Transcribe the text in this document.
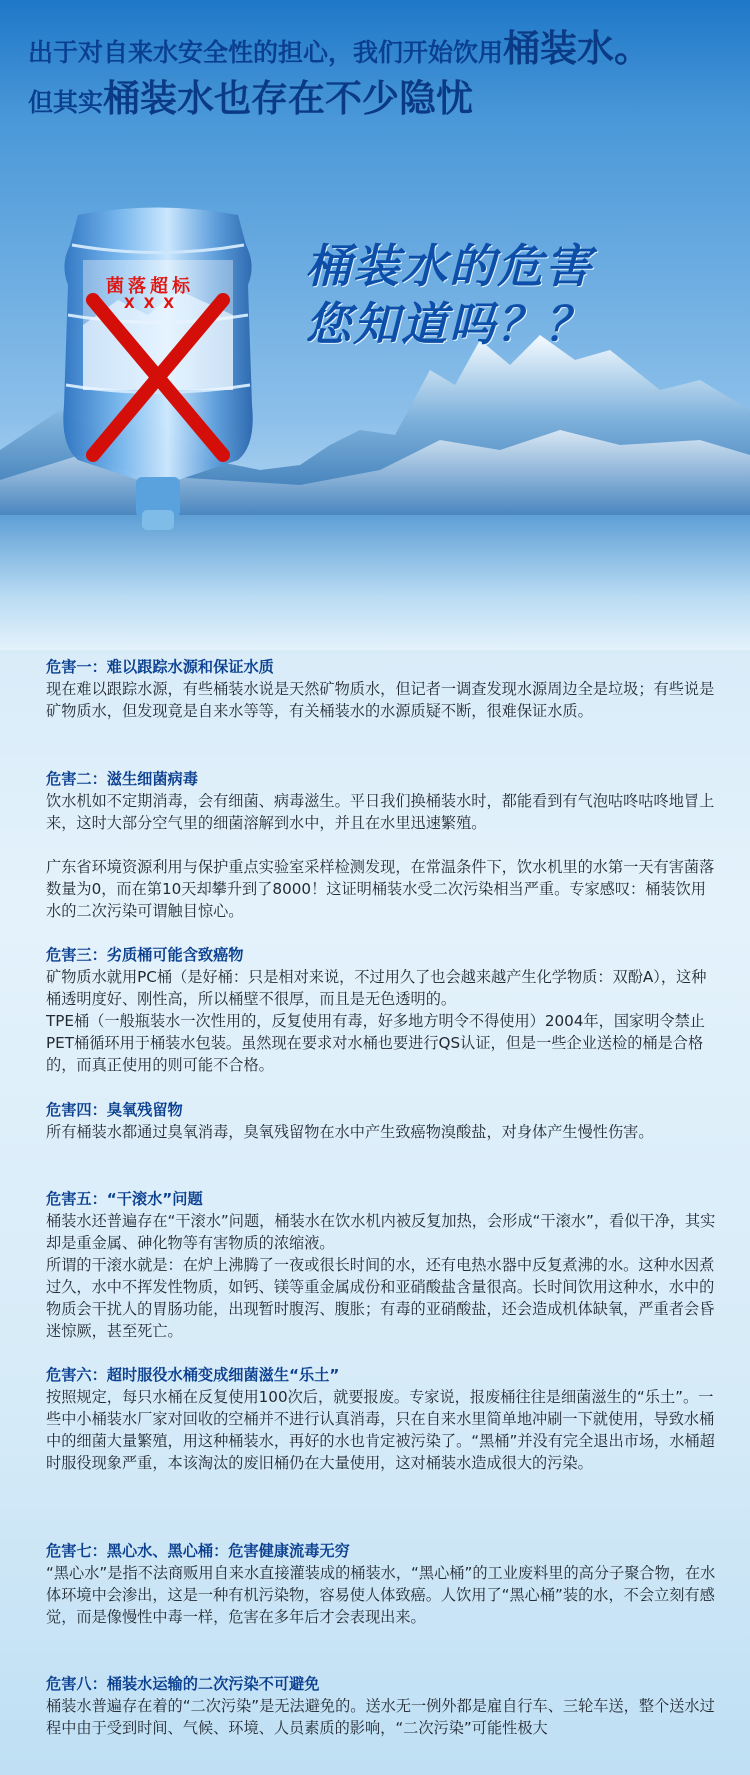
出于对自来水安全性的担心，我们开始饮用桶装水。
但其实桶装水也存在不少隐忧
菌落超标
X X X
桶装水的危害
您知道吗？？

危害一：难以跟踪水源和保证水质

现在难以跟踪水源，有些桶装水说是天然矿物质水，但记者一调查发现水源周边全是垃圾；有些说是矿物质水，但发现竟是自来水等等，有关桶装水的水源质疑不断，很难保证水质。

危害二：滋生细菌病毒

饮水机如不定期消毒，会有细菌、病毒滋生。平日我们换桶装水时，都能看到有气泡咕咚咕咚地冒上来，这时大部分空气里的细菌溶解到水中，并且在水里迅速繁殖。

广东省环境资源利用与保护重点实验室采样检测发现，在常温条件下，饮水机里的水第一天有害菌落数量为0，而在第10天却攀升到了8000！这证明桶装水受二次污染相当严重。专家感叹：桶装饮用水的二次污染可谓触目惊心。

危害三：劣质桶可能含致癌物

矿物质水就用PC桶（是好桶：只是相对来说，不过用久了也会越来越产生化学物质：双酚A），这种桶透明度好、刚性高，所以桶壁不很厚，而且是无色透明的。

TPE桶（一般瓶装水一次性用的，反复使用有毒，好多地方明令不得使用）2004年，国家明令禁止PET桶循环用于桶装水包装。虽然现在要求对水桶也要进行QS认证，但是一些企业送检的桶是合格的，而真正使用的则可能不合格。

危害四：臭氧残留物

所有桶装水都通过臭氧消毒，臭氧残留物在水中产生致癌物溴酸盐，对身体产生慢性伤害。

危害五：“干滚水”问题

桶装水还普遍存在“干滚水”问题，桶装水在饮水机内被反复加热，会形成“干滚水”，看似干净，其实却是重金属、砷化物等有害物质的浓缩液。

所谓的干滚水就是：在炉上沸腾了一夜或很长时间的水，还有电热水器中反复煮沸的水。这种水因煮过久，水中不挥发性物质，如钙、镁等重金属成份和亚硝酸盐含量很高。长时间饮用这种水，水中的物质会干扰人的胃肠功能，出现暂时腹泻、腹胀；有毒的亚硝酸盐，还会造成机体缺氧，严重者会昏迷惊厥，甚至死亡。

危害六：超时服役水桶变成细菌滋生“乐土”

按照规定，每只水桶在反复使用100次后，就要报废。专家说，报废桶往往是细菌滋生的“乐土”。一些中小桶装水厂家对回收的空桶并不进行认真消毒，只在自来水里简单地冲刷一下就使用，导致水桶中的细菌大量繁殖，用这种桶装水，再好的水也肯定被污染了。“黑桶”并没有完全退出市场，水桶超时服役现象严重，本该淘汰的废旧桶仍在大量使用，这对桶装水造成很大的污染。

危害七：黑心水、黑心桶：危害健康流毒无穷

“黑心水”是指不法商贩用自来水直接灌装成的桶装水，“黑心桶”的工业废料里的高分子聚合物，在水体环境中会渗出，这是一种有机污染物，容易使人体致癌。人饮用了“黑心桶”装的水，不会立刻有感觉，而是像慢性中毒一样，危害在多年后才会表现出来。

危害八：桶装水运输的二次污染不可避免

桶装水普遍存在着的“二次污染”是无法避免的。送水无一例外都是雇自行车、三轮车送，整个送水过程中由于受到时间、气候、环境、人员素质的影响，“二次污染”可能性极大
